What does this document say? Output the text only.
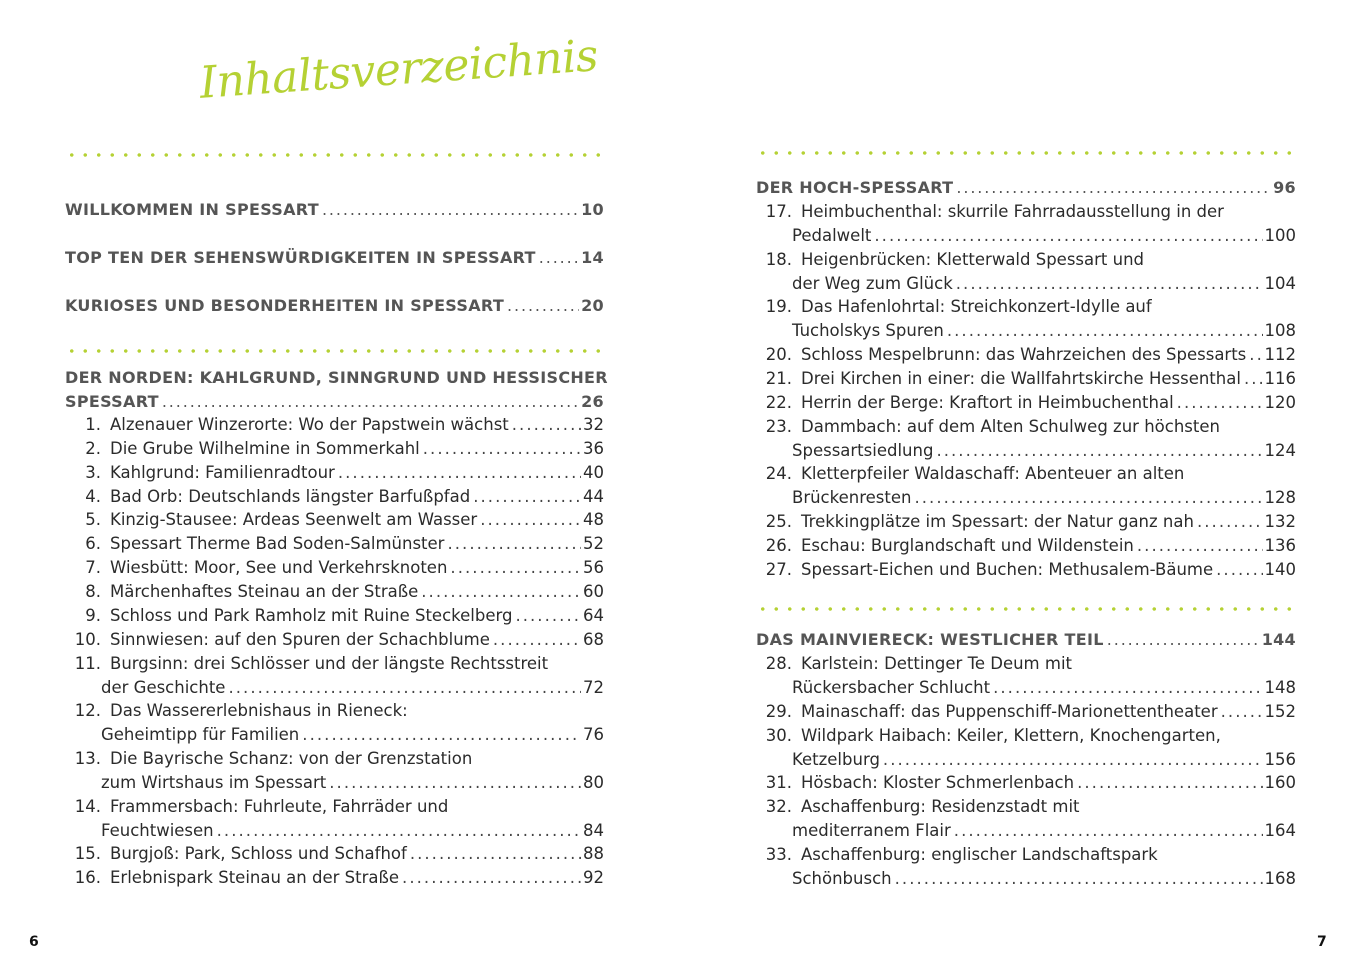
Inhaltsverzeichnis
WILLKOMMEN IN SPESSART . . .	10
TOP TEN DER SEHENSWÜRDIGKEITEN IN SPESSART . . .	14
KURIOSES UND BESONDERHEITEN IN SPESSART . . .	20
DER NORDEN: KAHLGRUND, SINNGRUND UND HESSISCHER
SPESSART . . .	26
1. Alzenauer Winzerorte: Wo der Papstwein wächst . . .	32
2. Die Grube Wilhelmine in Sommerkahl . . .	36
3. Kahlgrund: Familienradtour . . .	40
4. Bad Orb: Deutschlands längster Barfußpfad . . .	44
5. Kinzig-Stausee: Ardeas Seenwelt am Wasser . . .	48
6. Spessart Therme Bad Soden-Salmünster . . .	52
7. Wiesbütt: Moor, See und Verkehrsknoten . . .	56
8. Märchenhaftes Steinau an der Straße . . .	60
9. Schloss und Park Ramholz mit Ruine Steckelberg . . .	64
10. Sinnwiesen: auf den Spuren der Schachblume . . .	68
11. Burgsinn: drei Schlösser und der längste Rechtsstreit
der Geschichte . . .	72
12. Das Wassererlebnishaus in Rieneck:
Geheimtipp für Familien . . .	76
13. Die Bayrische Schanz: von der Grenzstation
zum Wirtshaus im Spessart . . .	80
14. Frammersbach: Fuhrleute, Fahrräder und
Feuchtwiesen . . .	84
15. Burgjoß: Park, Schloss und Schafhof . . .	88
16. Erlebnispark Steinau an der Straße . . .	92
6
DER HOCH-SPESSART . . .	96
17. Heimbuchenthal: skurrile Fahrradausstellung in der
Pedalwelt . . .	100
18. Heigenbrücken: Kletterwald Spessart und
der Weg zum Glück . . .	104
19. Das Hafenlohrtal: Streichkonzert-Idylle auf
Tucholskys Spuren . . .	108
20. Schloss Mespelbrunn: das Wahrzeichen des Spessarts . . . 112
21. Drei Kirchen in einer: die Wallfahrtskirche Hessenthal . . . 116
22. Herrin der Berge: Kraftort in Heimbuchenthal . . .	120
23. Dammbach: auf dem Alten Schulweg zur höchsten
Spessartsiedlung . . .	124
24. Kletterpfeiler Waldaschaff: Abenteuer an alten
Brückenresten . . .	128
25. Trekkingplätze im Spessart: der Natur ganz nah . . .	132
26. Eschau: Burglandschaft und Wildenstein . . .	136
27. Spessart-Eichen und Buchen: Methusalem-Bäume . . .	140
DAS MAINVIERECK: WESTLICHER TEIL . . .	144
28. Karlstein: Dettinger Te Deum mit
Rückersbacher Schlucht . . .	148
29. Mainaschaff: das Puppenschiff-Marionettentheater . . .	152
30. Wildpark Haibach: Keiler, Klettern, Knochengarten,
Ketzelburg . . .	156
31. Hösbach: Kloster Schmerlenbach . . .	160
32. Aschaffenburg: Residenzstadt mit
mediterranem Flair . . .	164
33. Aschaffenburg: englischer Landschaftspark
Schönbusch . . .	168
7
